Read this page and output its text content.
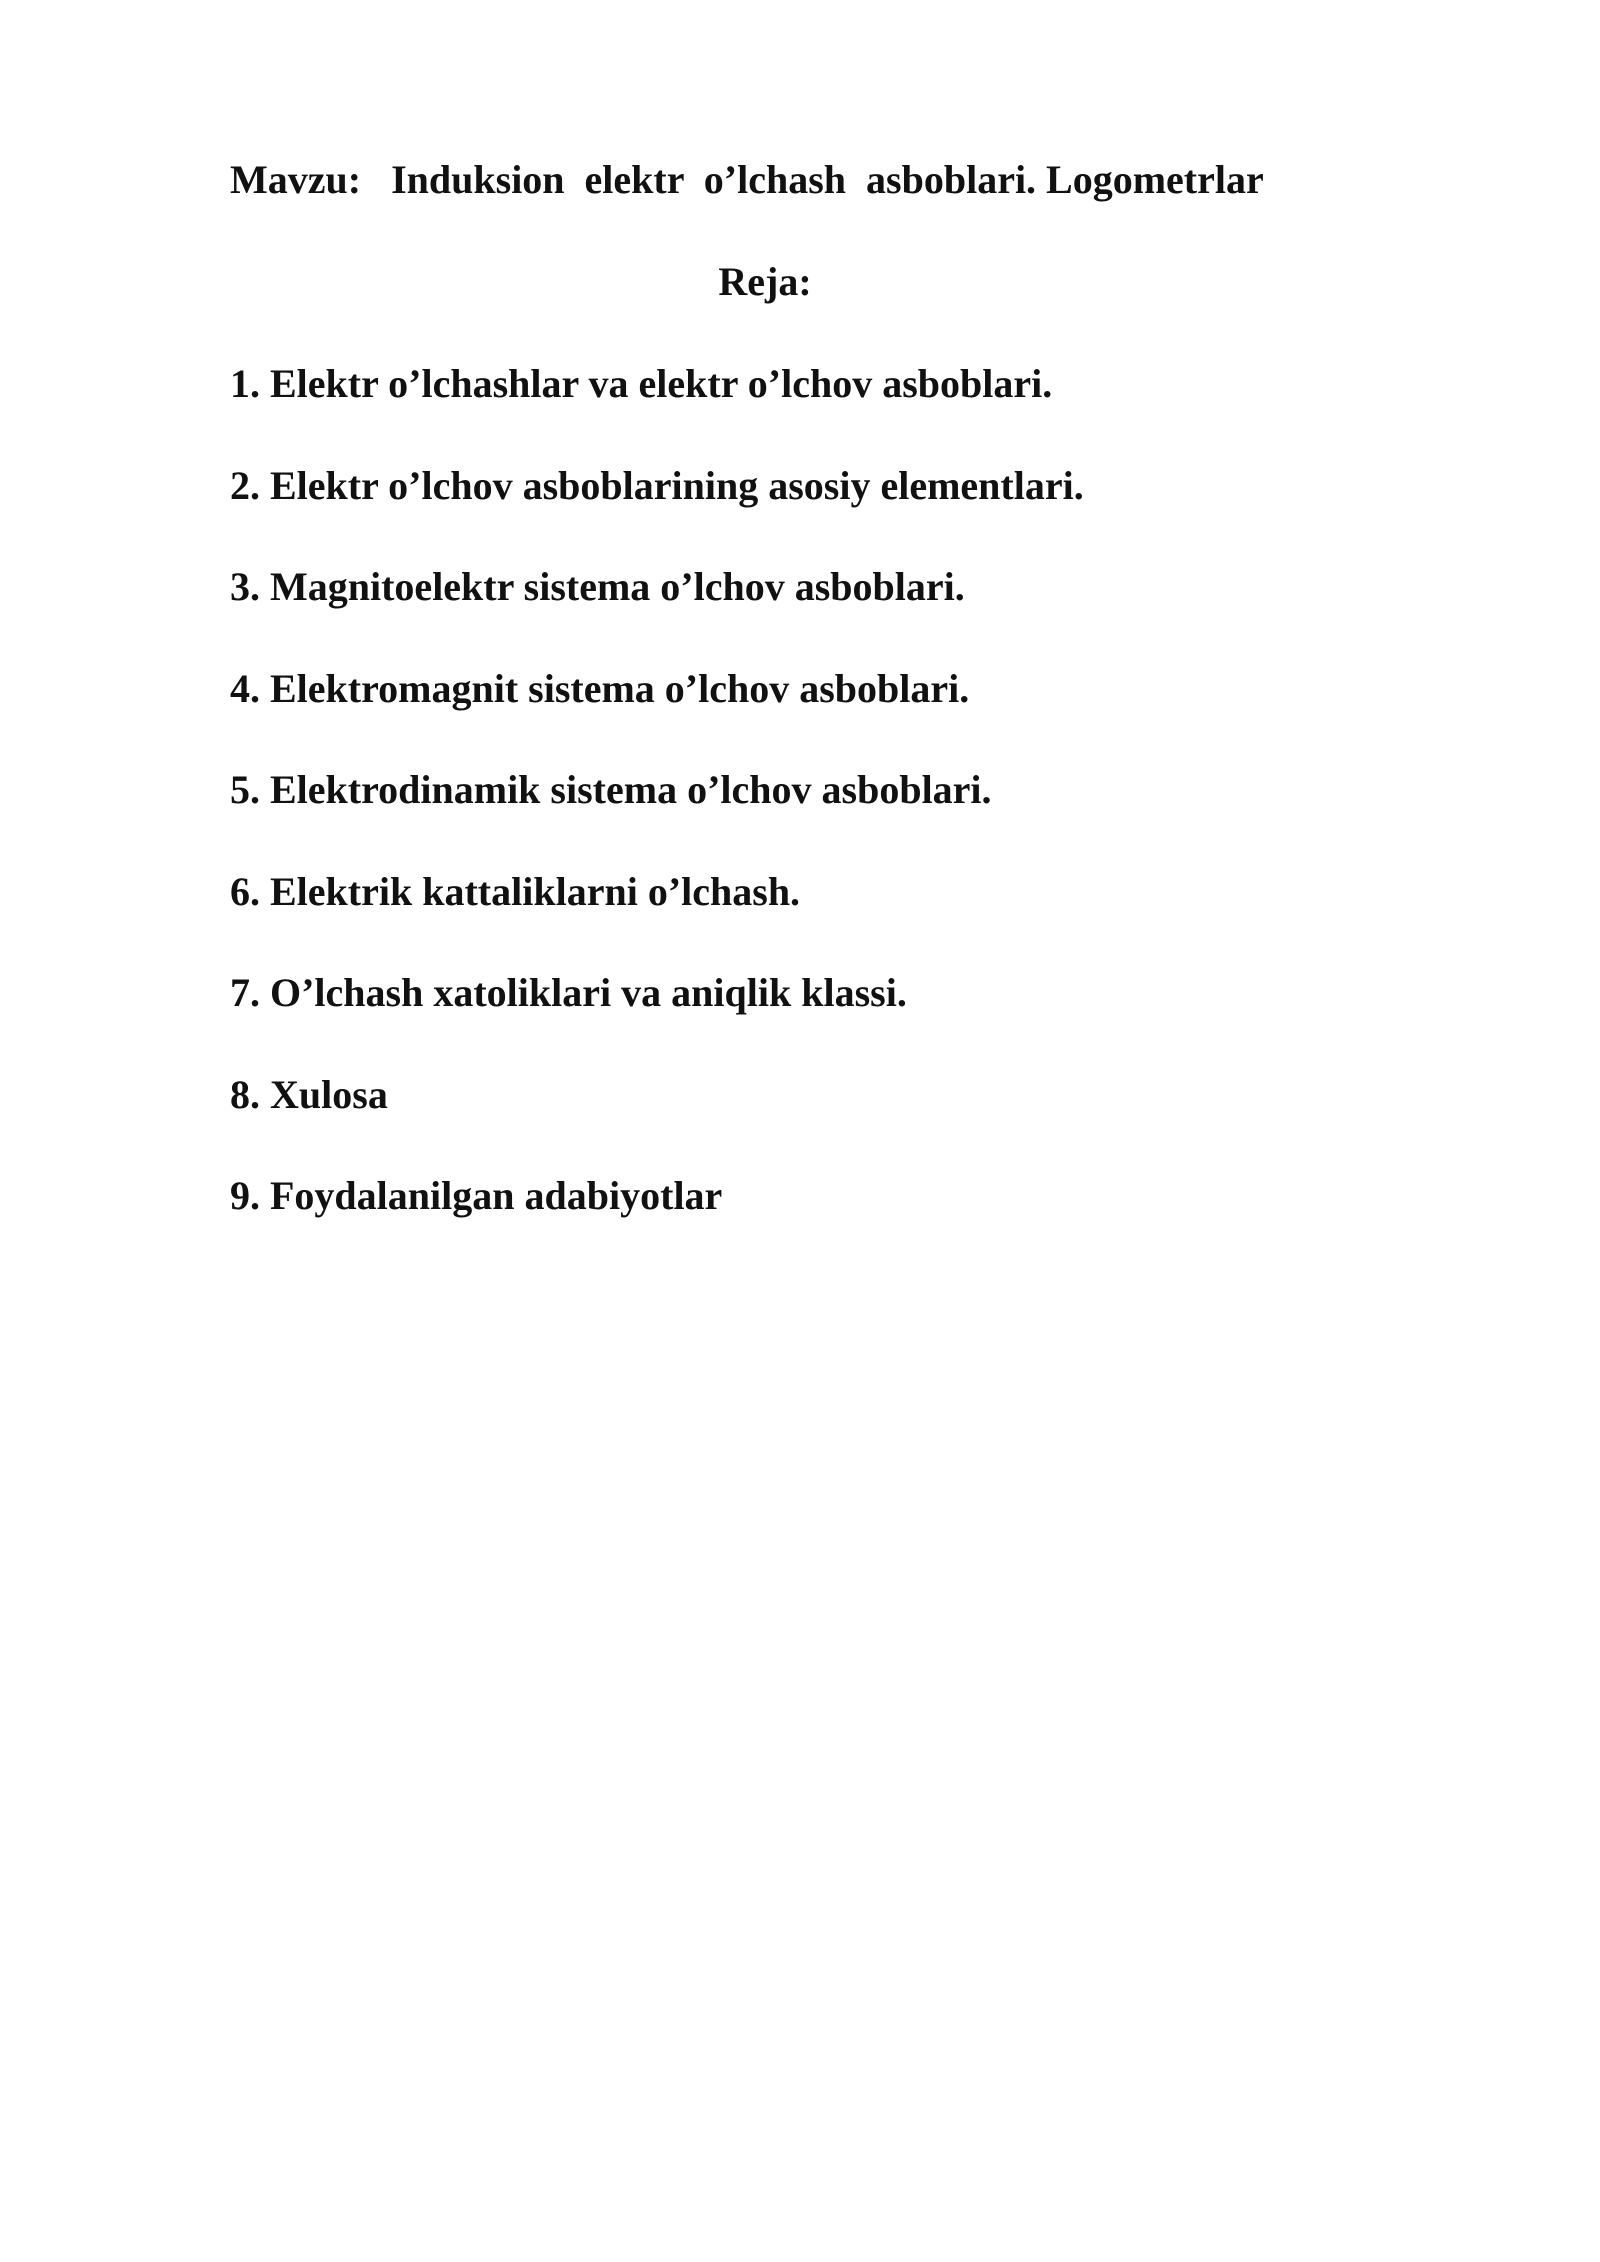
Mavzu:   Induksion  elektr  o’lchash  asboblari. Logometrlar
Reja:
1. Elektr o’lchashlar va elektr o’lchov asboblari.
2. Elektr o’lchov asboblarining asosiy elementlari.
3. Magnitoelektr sistema o’lchov asboblari.
4. Elektromagnit sistema o’lchov asboblari.
5. Elektrodinamik sistema o’lchov asboblari.
6. Elektrik kattaliklarni o’lchash.
7. O’lchash xatoliklari va aniqlik klassi.
8. Xulosa
9. Foydalanilgan adabiyotlar
